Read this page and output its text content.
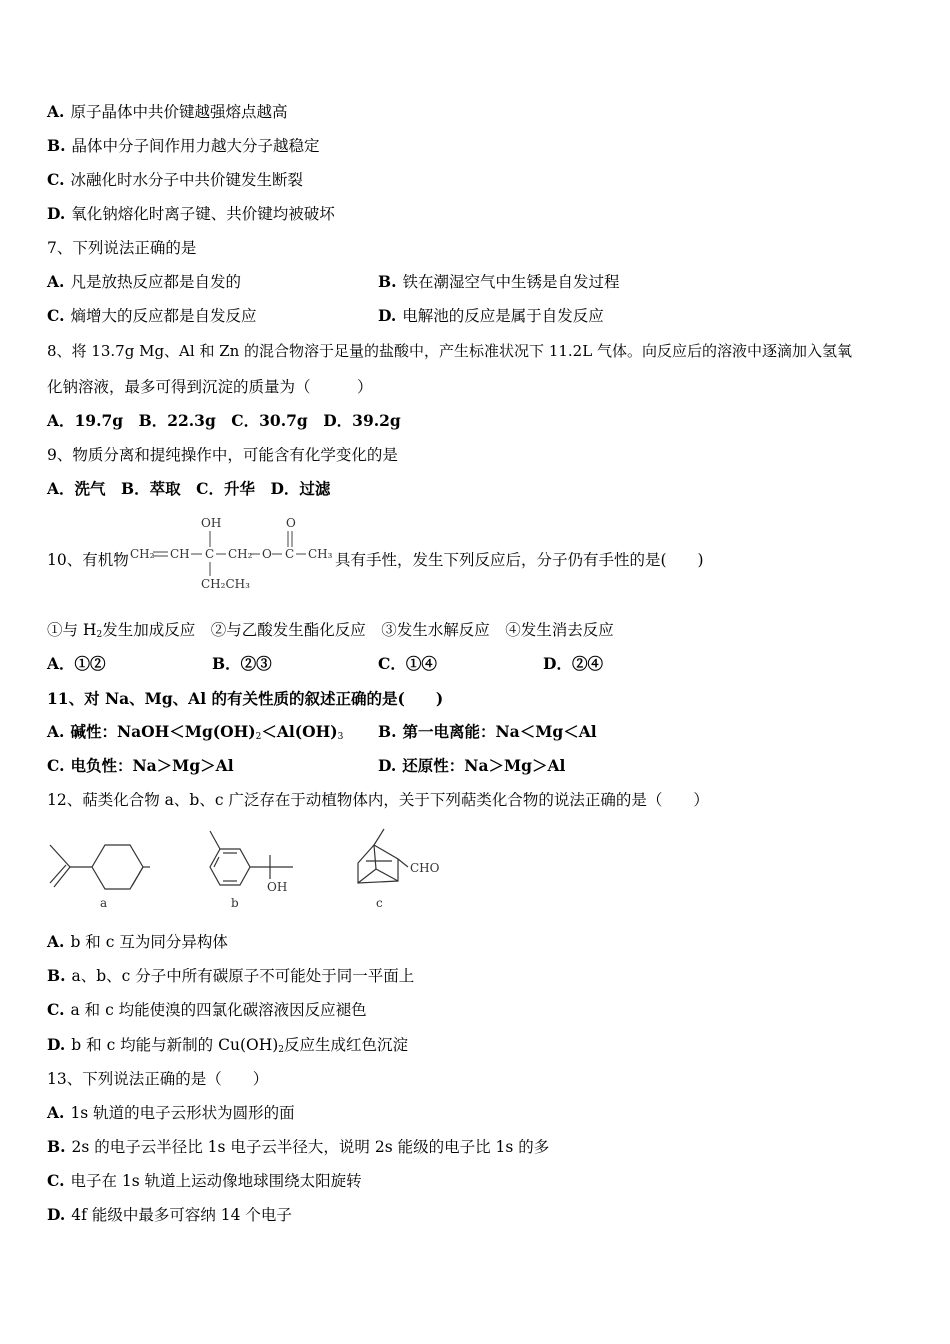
A. 原子晶体中共价键越强熔点越高
B. 晶体中分子间作用力越大分子越稳定
C. 冰融化时水分子中共价键发生断裂
D. 氧化钠熔化时离子键、共价键均被破坏
7、下列说法正确的是
A. 凡是放热反应都是自发的	B. 铁在潮湿空气中生锈是自发过程
C. 熵增大的反应都是自发反应	D. 电解池的反应是属于自发反应
8、将 13.7g Mg、Al 和 Zn 的混合物溶于足量的盐酸中，产生标准状况下 11.2L 气体。向反应后的溶液中逐滴加入氢氧
化钠溶液，最多可得到沉淀的质量为（　　　）
A．19.7g　B．22.3g　C．30.7g　D．39.2g
9、物质分离和提纯操作中，可能含有化学变化的是
A．洗气　B．萃取　C．升华　D．过滤
10、有机物
OH	O
CH₂ CH C CH₂ O C CH₃
CH₂CH₃
具有手性，发生下列反应后，分子仍有手性的是(　　)
①与 $H_2$发生加成反应　②与乙酸发生酯化反应　③发生水解反应　④发生消去反应
A．①②	B．②③	C．①④	D．②④
11、对 Na、Mg、Al 的有关性质的叙述正确的是(　　)
A. 碱性：$NaOH<Mg(OH)_2<Al(OH)_3$ B. 第一电离能：Na＜Mg＜Al
C. 电负性：Na＞Mg＞Al	D. 还原性：Na＞Mg＞Al
12、萜类化合物 a、b、c 广泛存在于动植物体内，关于下列萜类化合物的说法正确的是（　　）
a
OH
b
CHO
c
A. b 和 c 互为同分异构体
B. a、b、c 分子中所有碳原子不可能处于同一平面上
C. a 和 c 均能使溴的四氯化碳溶液因反应褪色
D. b 和 c 均能与新制的 $Cu(OH)_2$反应生成红色沉淀
13、下列说法正确的是（　　）
A. 1s 轨道的电子云形状为圆形的面
B. 2s 的电子云半径比 1s 电子云半径大，说明 2s 能级的电子比 1s 的多
C. 电子在 1s 轨道上运动像地球围绕太阳旋转
D. 4f 能级中最多可容纳 14 个电子
